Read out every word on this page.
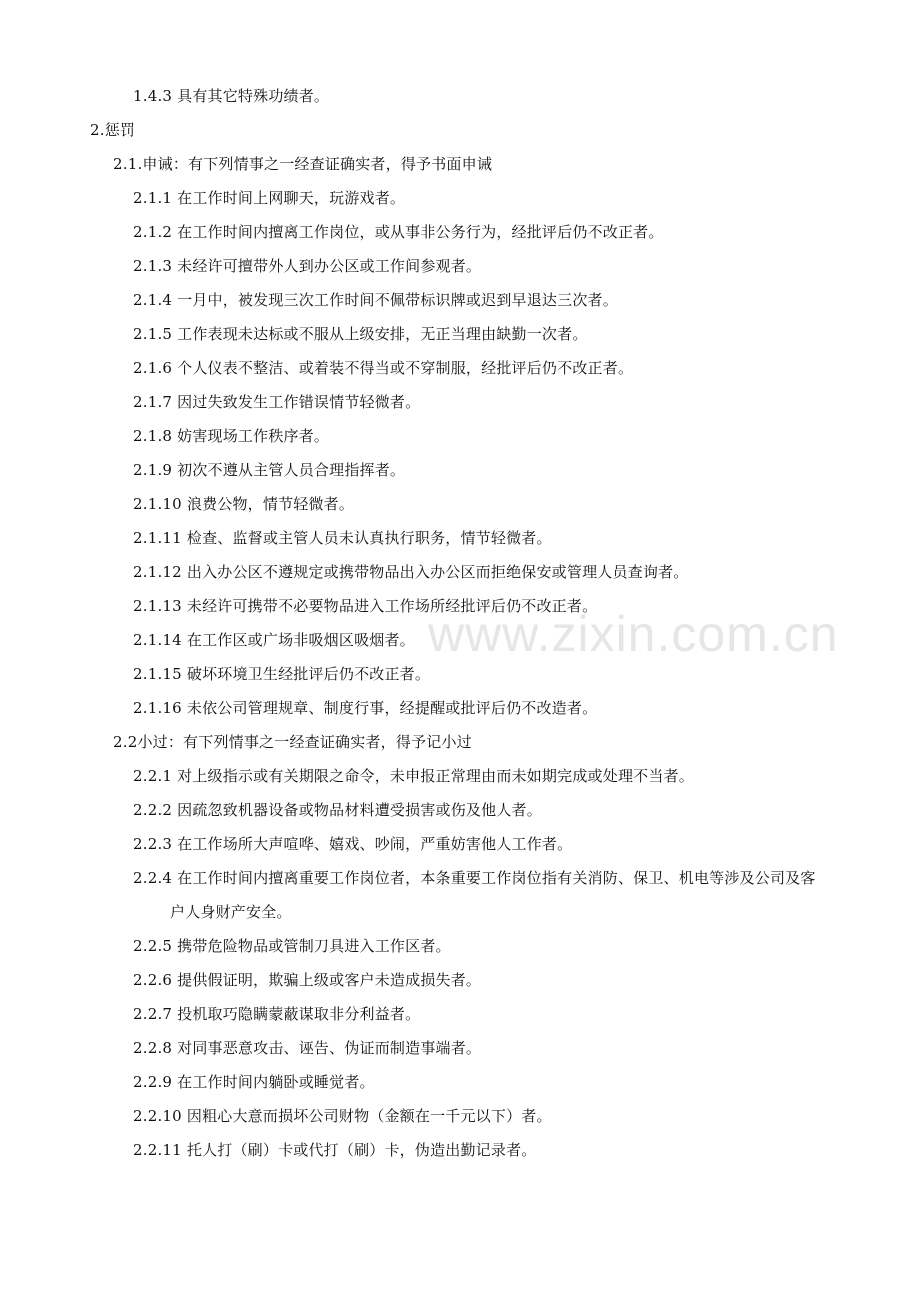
www.zixin.com.cn
1.4.3 具有其它特殊功绩者。
2.惩罚
2.1.申诫：有下列情事之一经查证确实者，得予书面申诫
2.1.1 在工作时间上网聊天，玩游戏者。
2.1.2 在工作时间内擅离工作岗位，或从事非公务行为，经批评后仍不改正者。
2.1.3 未经许可擅带外人到办公区或工作间参观者。
2.1.4 一月中，被发现三次工作时间不佩带标识牌或迟到早退达三次者。
2.1.5 工作表现未达标或不服从上级安排，无正当理由缺勤一次者。
2.1.6 个人仪表不整洁、或着装不得当或不穿制服，经批评后仍不改正者。
2.1.7 因过失致发生工作错误情节轻微者。
2.1.8 妨害现场工作秩序者。
2.1.9 初次不遵从主管人员合理指挥者。
2.1.10 浪费公物，情节轻微者。
2.1.11 检查、监督或主管人员未认真执行职务，情节轻微者。
2.1.12 出入办公区不遵规定或携带物品出入办公区而拒绝保安或管理人员查询者。
2.1.13 未经许可携带不必要物品进入工作场所经批评后仍不改正者。
2.1.14 在工作区或广场非吸烟区吸烟者。
2.1.15 破坏环境卫生经批评后仍不改正者。
2.1.16 未依公司管理规章、制度行事，经提醒或批评后仍不改造者。
2.2小过：有下列情事之一经查证确实者，得予记小过
2.2.1 对上级指示或有关期限之命令，未申报正常理由而未如期完成或处理不当者。
2.2.2 因疏忽致机器设备或物品材料遭受损害或伤及他人者。
2.2.3 在工作场所大声喧哗、嬉戏、吵闹，严重妨害他人工作者。
2.2.4 在工作时间内擅离重要工作岗位者，本条重要工作岗位指有关消防、保卫、机电等涉及公司及客
户人身财产安全。
2.2.5 携带危险物品或管制刀具进入工作区者。
2.2.6 提供假证明，欺骗上级或客户未造成损失者。
2.2.7 投机取巧隐瞒蒙蔽谋取非分利益者。
2.2.8 对同事恶意攻击、诬告、伪证而制造事端者。
2.2.9 在工作时间内躺卧或睡觉者。
2.2.10 因粗心大意而损坏公司财物（金额在一千元以下）者。
2.2.11 托人打（刷）卡或代打（刷）卡，伪造出勤记录者。
